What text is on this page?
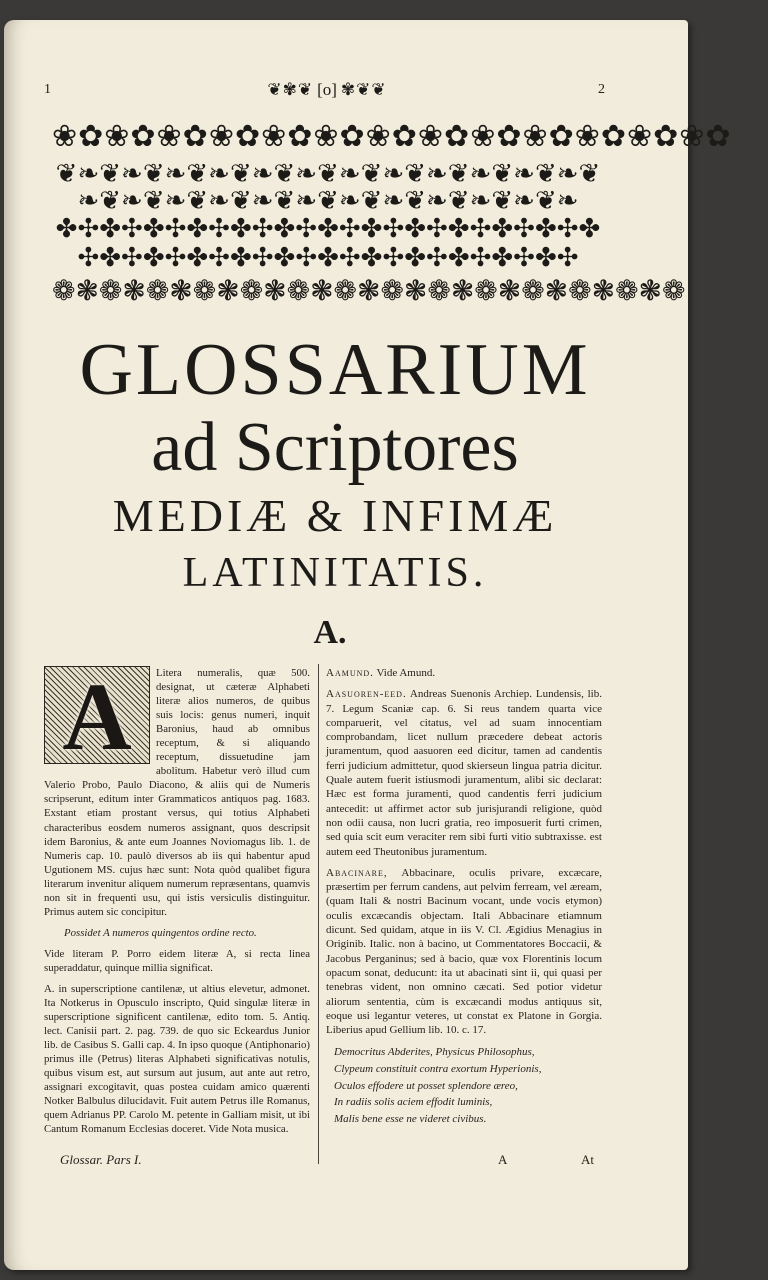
1	2
❦✾❦ [o] ✾❦❦
❀✿❀✿❀✿❀✿❀✿❀✿❀✿❀✿❀✿❀✿❀✿❀✿❀✿
❦❧❦❧❦❧❦❧❦❧❦❧❦❧❦❧❦❧❦❧❦❧❦❧❦❧❦❧❦❧❦❧❦❧❦❧❦❧❦❧❦❧❦❧❦❧❦❧
✤✣✤✣✤✣✤✣✤✣✤✣✤✣✤✣✤✣✤✣✤✣✤✣✤✣✤✣✤✣✤✣✤✣✤✣✤✣✤✣✤✣✤✣✤✣✤✣
❁❃❁❃❁❃❁❃❁❃❁❃❁❃❁❃❁❃❁❃❁❃❁❃❁❃❁
GLOSSARIUM
ad Scriptores
MEDIÆ & INFIMÆ
LATINITATIS.
A.
A	Litera numeralis, quæ 500. designat, ut cæteræ Alphabeti literæ alios numeros, de quibus suis locis: genus numeri, inquit Baronius, haud ab omnibus receptum, & si aliquando receptum, dissuetudine jam abolitum. Habetur verò illud cum Valerio Probo, Paulo Diacono, & aliis qui de Numeris scripserunt, editum inter Grammaticos antiquos pag. 1683. Exstant etiam prostant versus, qui totius Alphabeti characteribus eosdem numeros assignant, quos descripsit idem Baronius, & ante eum Joannes Noviomagus lib. 1. de Numeris cap. 10. paulò diversos ab iis qui habentur apud Ugutionem MS. cujus hæc sunt: Nota quòd qualibet figura literarum invenitur aliquem numerum repræsentans, quamvis non sit in frequenti usu, qui istis versiculis distinguitur. Primus autem sic concipitur.

Possidet A numeros quingentos ordine recto.

Vide literam P. Porro eidem literæ A, si recta linea superaddatur, quinque millia significat.

A. in superscriptione cantilenæ, ut altius elevetur, admonet. Ita Notkerus in Opusculo inscripto, Quid singulæ literæ in superscriptione significent cantilenæ, edito tom. 5. Antiq. lect. Canisii part. 2. pag. 739. de quo sic Eckeardus Junior lib. de Casibus S. Galli cap. 4. In ipso quoque (Antiphonario) primus ille (Petrus) literas Alphabeti significativas notulis, quibus visum est, aut sursum aut jusum, aut ante aut retro, assignari excogitavit, quas postea cuidam amico quærenti Notker Balbulus dilucidavit. Fuit autem Petrus ille Romanus, quem Adrianus PP. Carolo M. petente in Galliam misit, ut ibi Cantum Romanum Ecclesias doceret. Vide Nota musica.

Aamund. Vide Amund.

Aasuoren-eed. Andreas Suenonis Archiep. Lundensis, lib. 7. Legum Scaniæ cap. 6. Si reus tandem quarta vice comparuerit, vel citatus, vel ad suam innocentiam comprobandam, licet nullum præcedere debeat actoris juramentum, quod aasuoren eed dicitur, tamen ad candentis ferri judicium admittetur, quod skierseun lingua patria dicitur. Quale autem fuerit istiusmodi juramentum, alibi sic declarat: Hæc est forma juramenti, quod candentis ferri judicium antecedit: ut affirmet actor sub jurisjurandi religione, quòd non odii causa, non lucri gratia, reo imposuerit furti crimen, sed quia scit eum veraciter rem sibi furti vitio subtraxisse. est autem eed Theutonibus juramentum.

Abacinare, Abbacinare, oculis privare, excæcare, præsertim per ferrum candens, aut pelvim ferream, vel æream, (quam Itali & nostri Bacinum vocant, unde vocis etymon) oculis excæcandis objectam. Itali Abbacinare etiamnum dicunt. Sed quidam, atque in iis V. Cl. Ægidius Menagius in Originib. Italic. non à bacino, ut Commentatores Boccacii, & Jacobus Perganinus; sed à bacio, quæ vox Florentinis locum opacum sonat, deducunt: ita ut abacinati sint ii, qui quasi per tenebras vident, non omnino cæcati. Sed potior videtur aliorum sententia, cùm is excæcandi modus antiquus sit, eoque usi legantur veteres, ut constat ex Platone in Gorgia. Liberius apud Gellium lib. 10. c. 17.

Democritus Abderites, Physicus Philosophus,
Clypeum constituit contra exortum Hyperionis,
Oculos effodere ut posset splendore æreo,
In radiis solis aciem effodit luminis,
Malis bene esse ne videret civibus.
Glossar. Pars I.	A	At
